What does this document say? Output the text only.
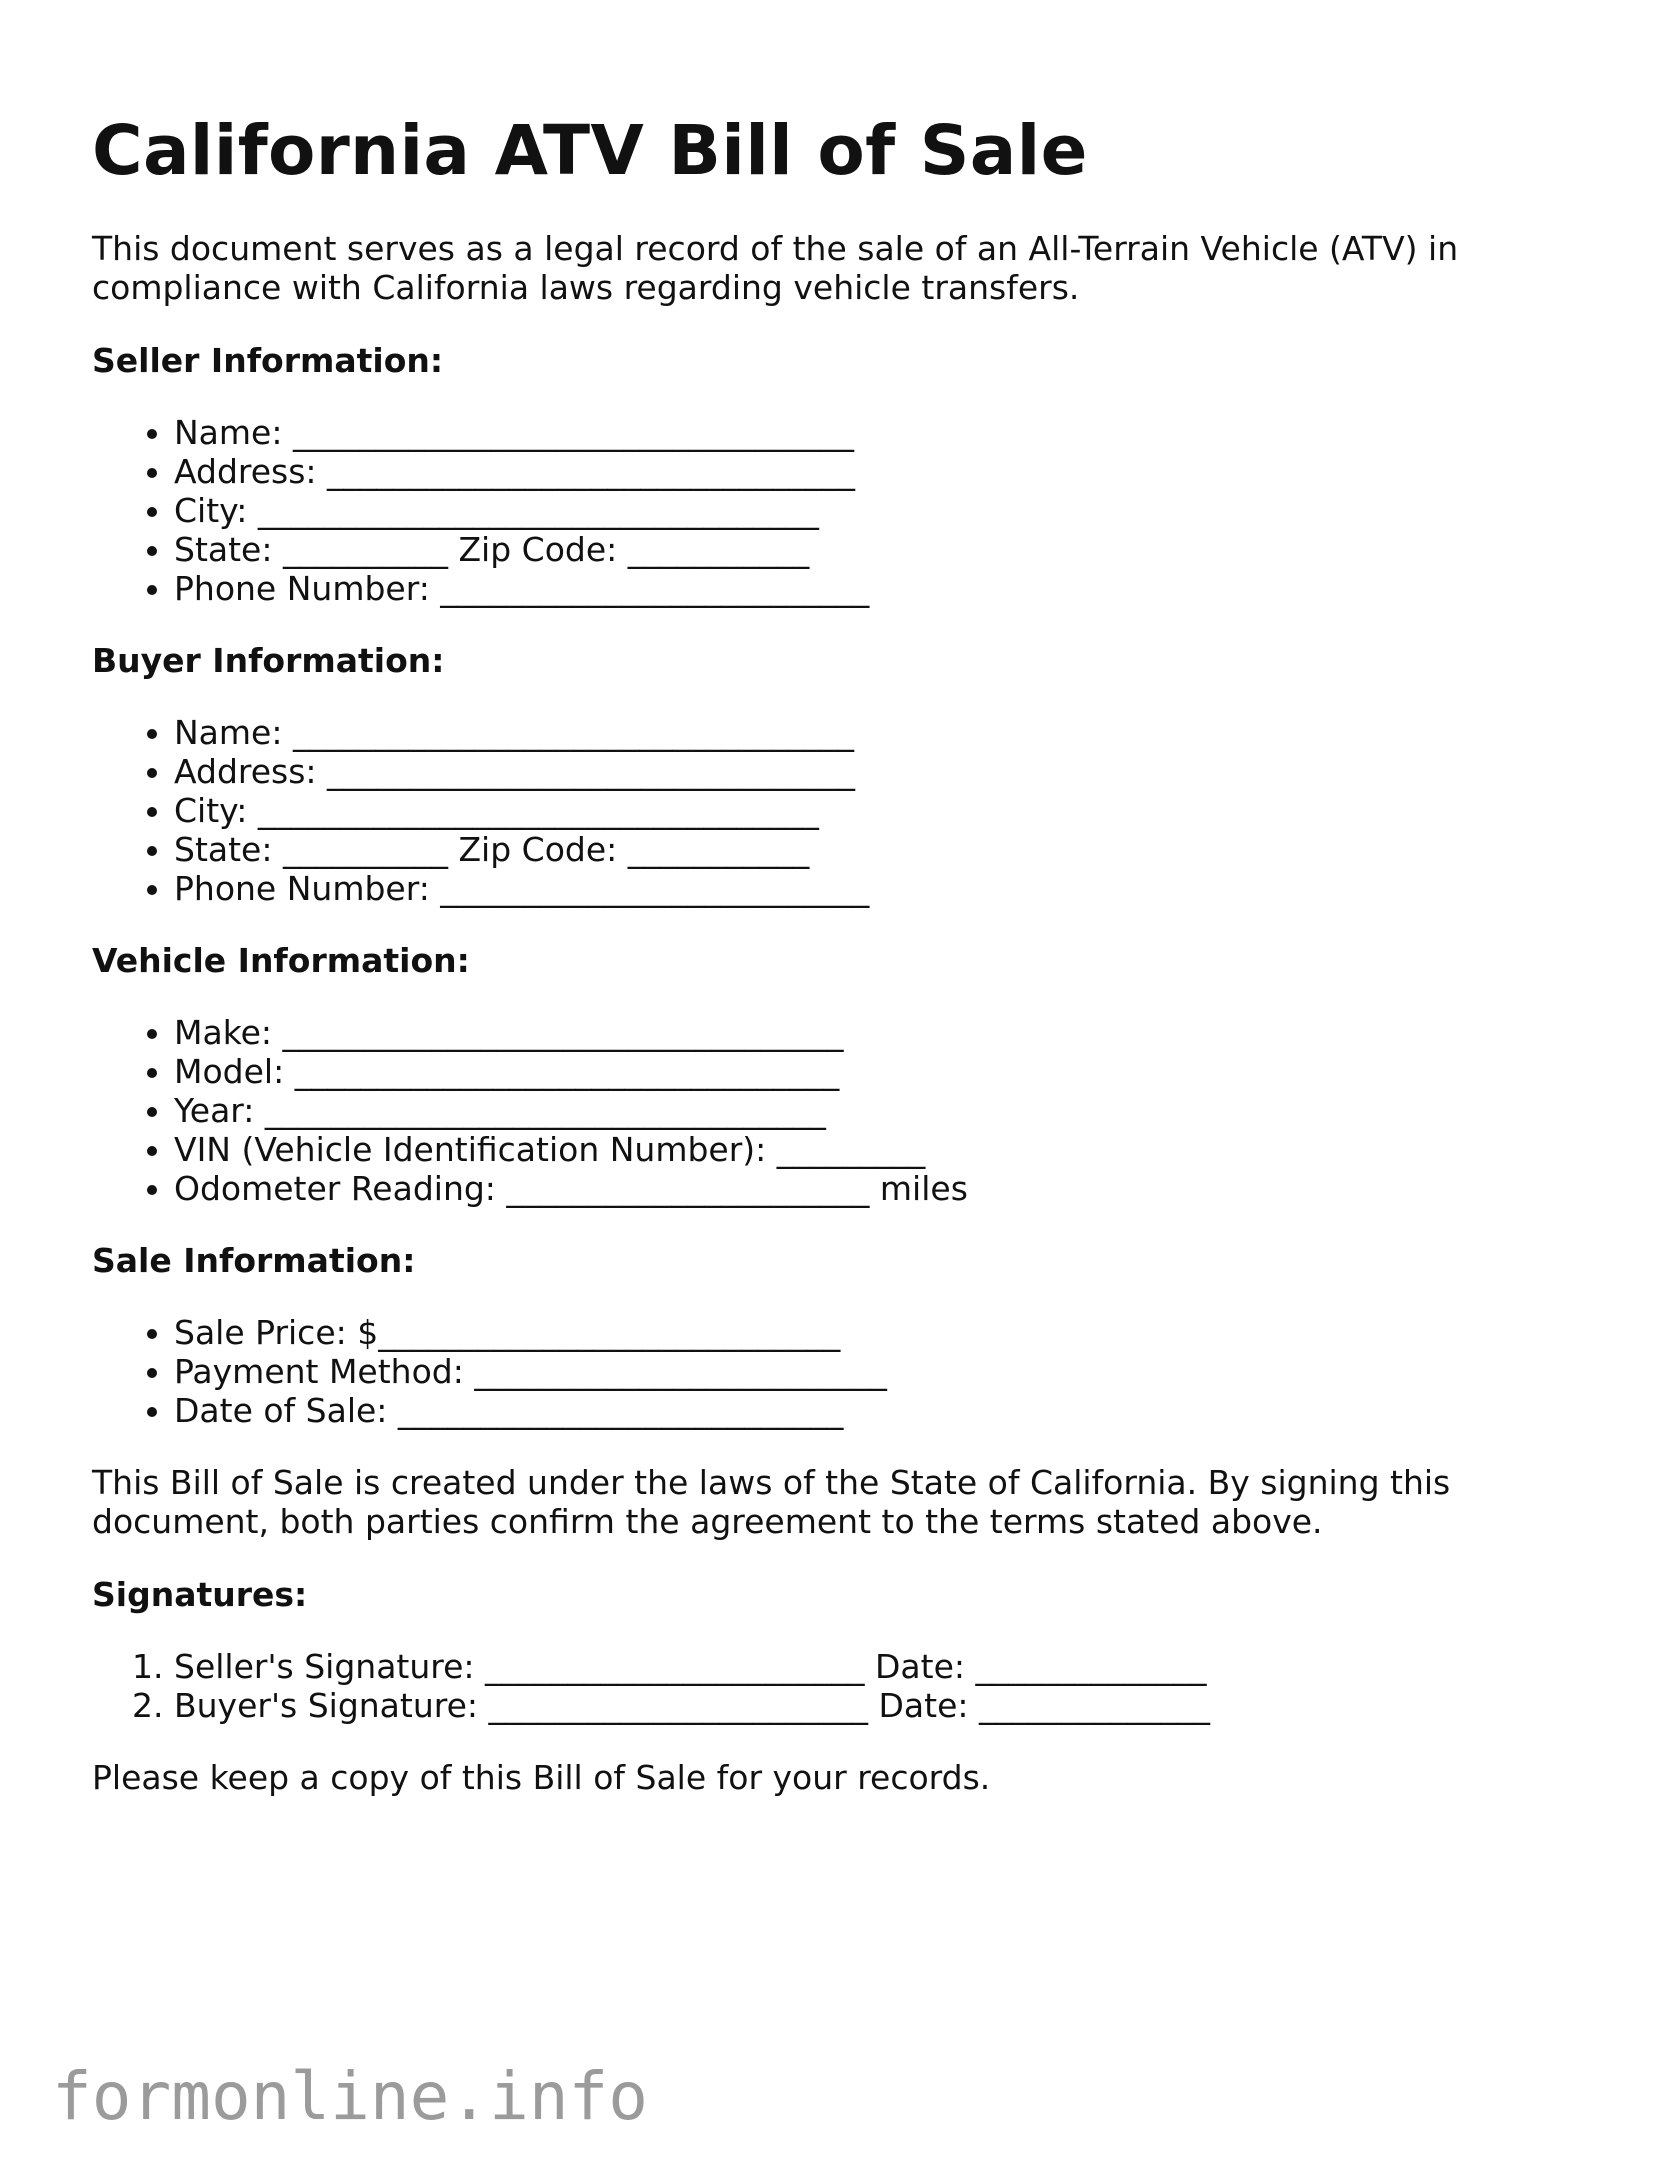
California ATV Bill of Sale

This document serves as a legal record of the sale of an All-Terrain Vehicle (ATV) in compliance with California laws regarding vehicle transfers.

Seller Information:
• Name: __________________________________
• Address: ________________________________
• City: __________________________________
• State: __________ Zip Code: ___________
• Phone Number: __________________________
Buyer Information:
• Name: __________________________________
• Address: ________________________________
• City: __________________________________
• State: __________ Zip Code: ___________
• Phone Number: __________________________
Vehicle Information:
• Make: __________________________________
• Model: _________________________________
• Year: __________________________________
• VIN (Vehicle Identification Number): _________
• Odometer Reading: ______________________ miles
Sale Information:
• Sale Price: $____________________________
• Payment Method: _________________________
• Date of Sale: ___________________________

This Bill of Sale is created under the laws of the State of California. By signing this document, both parties confirm the agreement to the terms stated above.

Signatures:
1. Seller's Signature: _______________________ Date: ______________
2. Buyer's Signature: _______________________ Date: ______________

Please keep a copy of this Bill of Sale for your records.

formonline.info
